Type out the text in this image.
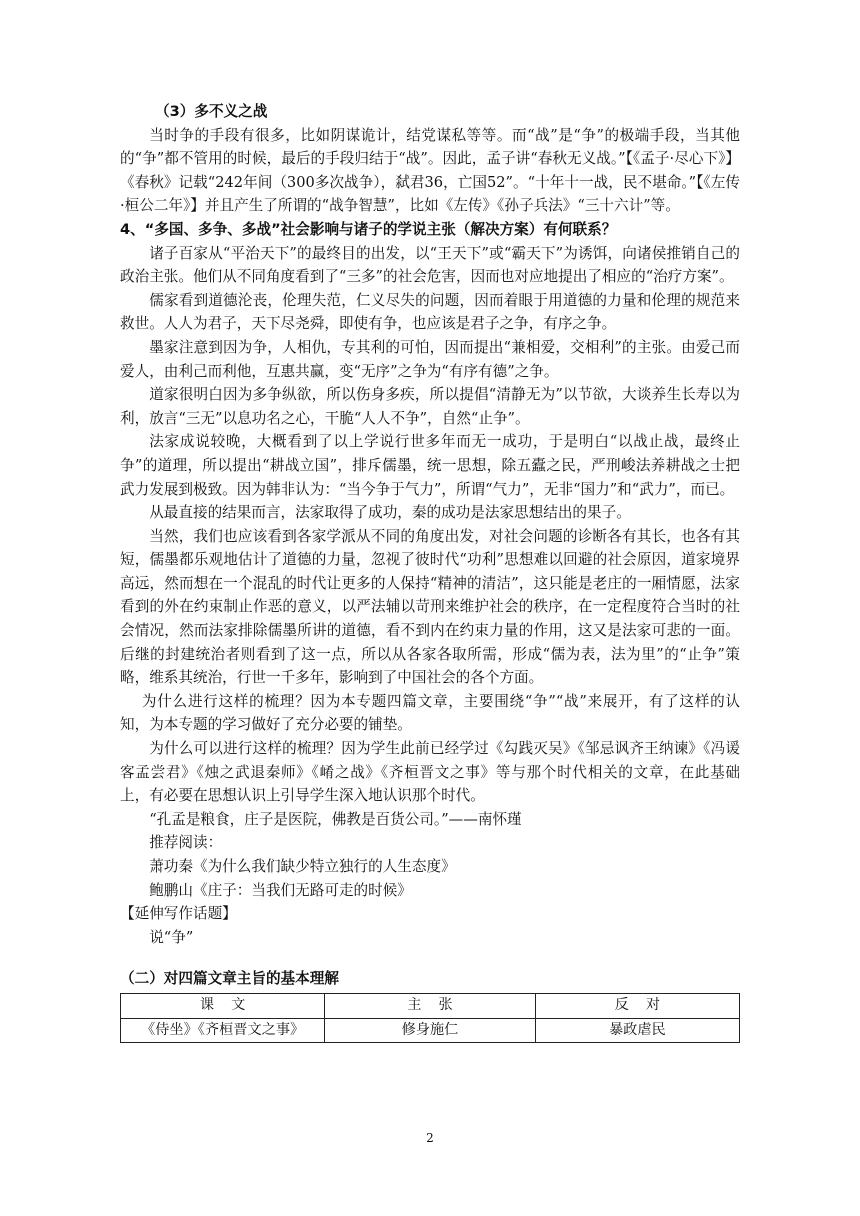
（3）多不义之战

当时争的手段有很多，比如阴谋诡计，结党谋私等等。而“战”是“争”的极端手段，当其他的“争”都不管用的时候，最后的手段归结于“战”。因此，孟子讲“春秋无义战。”【《孟子·尽心下》】《春秋》记载“242年间（300多次战争），弑君36，亡国52”。“十年十一战，民不堪命。”【《左传·桓公二年》】并且产生了所谓的“战争智慧”，比如《左传》《孙子兵法》“三十六计”等。

4、“多国、多争、多战”社会影响与诸子的学说主张（解决方案）有何联系？

诸子百家从“平治天下”的最终目的出发，以“王天下”或“霸天下”为诱饵，向诸侯推销自己的政治主张。他们从不同角度看到了“三多”的社会危害，因而也对应地提出了相应的“治疗方案”。

儒家看到道德沦丧，伦理失范，仁义尽失的问题，因而着眼于用道德的力量和伦理的规范来救世。人人为君子，天下尽尧舜，即使有争，也应该是君子之争，有序之争。

墨家注意到因为争，人相仇，专其利的可怕，因而提出“兼相爱，交相利”的主张。由爱己而爱人，由利己而利他，互惠共赢，变“无序”之争为“有序有德”之争。

道家很明白因为多争纵欲，所以伤身多疾，所以提倡“清静无为”以节欲，大谈养生长寿以为利，放言“三无”以息功名之心，干脆“人人不争”，自然“止争”。

法家成说较晚，大概看到了以上学说行世多年而无一成功，于是明白“以战止战，最终止争”的道理，所以提出“耕战立国”，排斥儒墨，统一思想，除五蠹之民，严刑峻法养耕战之士把武力发展到极致。因为韩非认为：“当今争于气力”，所谓“气力”，无非“国力”和“武力”，而已。

从最直接的结果而言，法家取得了成功，秦的成功是法家思想结出的果子。

当然，我们也应该看到各家学派从不同的角度出发，对社会问题的诊断各有其长，也各有其短，儒墨都乐观地估计了道德的力量，忽视了彼时代“功利”思想难以回避的社会原因，道家境界高远，然而想在一个混乱的时代让更多的人保持“精神的清洁”，这只能是老庄的一厢情愿，法家看到的外在约束制止作恶的意义，以严法辅以苛刑来维护社会的秩序，在一定程度符合当时的社会情况，然而法家排除儒墨所讲的道德，看不到内在约束力量的作用，这又是法家可悲的一面。后继的封建统治者则看到了这一点，所以从各家各取所需，形成“儒为表，法为里”的“止争”策略，维系其统治，行世一千多年，影响到了中国社会的各个方面。

为什么进行这样的梳理？因为本专题四篇文章，主要围绕“争”“战”来展开，有了这样的认知，为本专题的学习做好了充分必要的铺垫。

为什么可以进行这样的梳理？因为学生此前已经学过《勾践灭吴》《邹忌讽齐王纳谏》《冯谖客孟尝君》《烛之武退秦师》《崤之战》《齐桓晋文之事》等与那个时代相关的文章，在此基础上，有必要在思想认识上引导学生深入地认识那个时代。

“孔孟是粮食，庄子是医院，佛教是百货公司。”——南怀瑾

推荐阅读：

萧功秦《为什么我们缺少特立独行的人生态度》

鲍鹏山《庄子：当我们无路可走的时候》

【延伸写作话题】

说“争”

（二）对四篇文章主旨的基本理解

课文	主张	反对
《侍坐》《齐桓晋文之事》	修身施仁	暴政虐民
2
